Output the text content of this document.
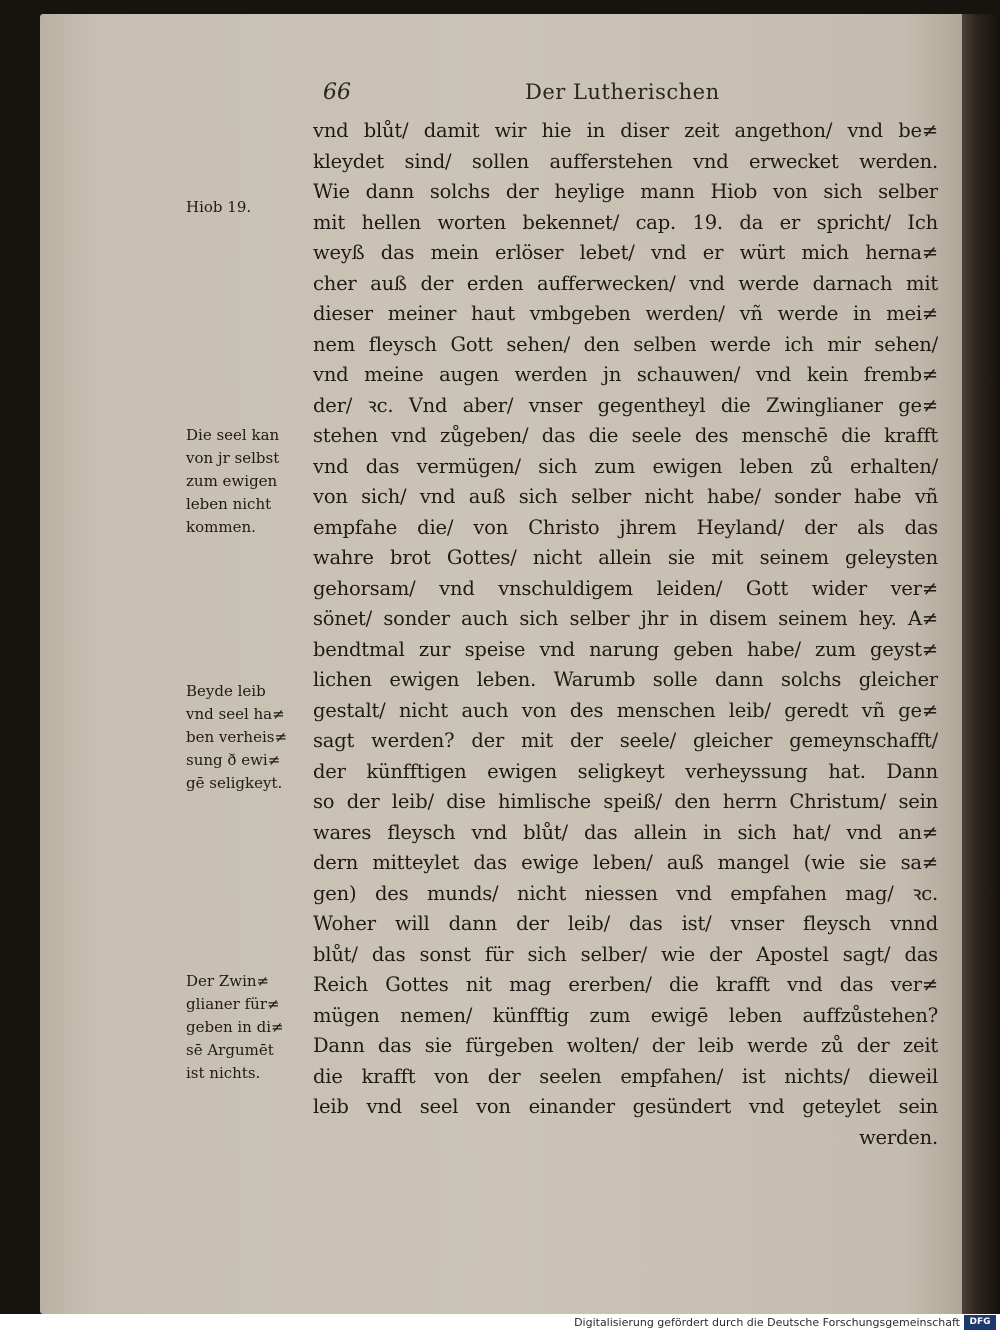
66	Der Lutherischen
Hiob 19.
Die seel kan
von jr selbst
zum ewigen
leben nicht
kommen.
Beyde leib
vnd seel ha≠
ben verheis≠
sung ð ewi≠
gē seligkeyt.
Der Zwin≠
glianer für≠
geben in di≠
sē Argumēt
ist nichts.
vnd blůt/ damit wir hie in diser zeit angethon/ vnd be≠
kleydet sind/ sollen aufferstehen vnd erwecket werden.
Wie dann solchs der heylige mann Hiob von sich selber
mit hellen worten bekennet/ cap. 19. da er spricht/ Ich
weyß das mein erlöser lebet/ vnd er würt mich herna≠
cher auß der erden aufferwecken/ vnd werde darnach mit
dieser meiner haut vmbgeben werden/ vñ werde in mei≠
nem fleysch Gott sehen/ den selben werde ich mir sehen/
vnd meine augen werden jn schauwen/ vnd kein fremb≠
der/ ꝛc. Vnd aber/ vnser gegentheyl die Zwinglianer ge≠
stehen vnd zůgeben/ das die seele des menschē die krafft
vnd das vermügen/ sich zum ewigen leben zů erhalten/
von sich/ vnd auß sich selber nicht habe/ sonder habe vñ
empfahe die/ von Christo jhrem Heyland/ der als das
wahre brot Gottes/ nicht allein sie mit seinem geleysten
gehorsam/ vnd vnschuldigem leiden/ Gott wider ver≠
sönet/ sonder auch sich selber jhr in disem seinem hey. A≠
bendtmal zur speise vnd narung geben habe/ zum geyst≠
lichen ewigen leben. Warumb solle dann solchs gleicher
gestalt/ nicht auch von des menschen leib/ geredt vñ ge≠
sagt werden? der mit der seele/ gleicher gemeynschafft/
der künfftigen ewigen seligkeyt verheyssung hat. Dann
so der leib/ dise himlische speiß/ den herrn Christum/ sein
wares fleysch vnd blůt/ das allein in sich hat/ vnd an≠
dern mitteylet das ewige leben/ auß mangel (wie sie sa≠
gen) des munds/ nicht niessen vnd empfahen mag/ ꝛc.
Woher will dann der leib/ das ist/ vnser fleysch vnnd
blůt/ das sonst für sich selber/ wie der Apostel sagt/ das
Reich Gottes nit mag ererben/ die krafft vnd das ver≠
mügen nemen/ künfftig zum ewigē leben auffzůstehen?
Dann das sie fürgeben wolten/ der leib werde zů der zeit
die krafft von der seelen empfahen/ ist nichts/ dieweil
leib vnd seel von einander gesündert vnd geteylet sein
werden.
Digitalisierung gefördert durch die Deutsche Forschungsgemeinschaft	DFG
